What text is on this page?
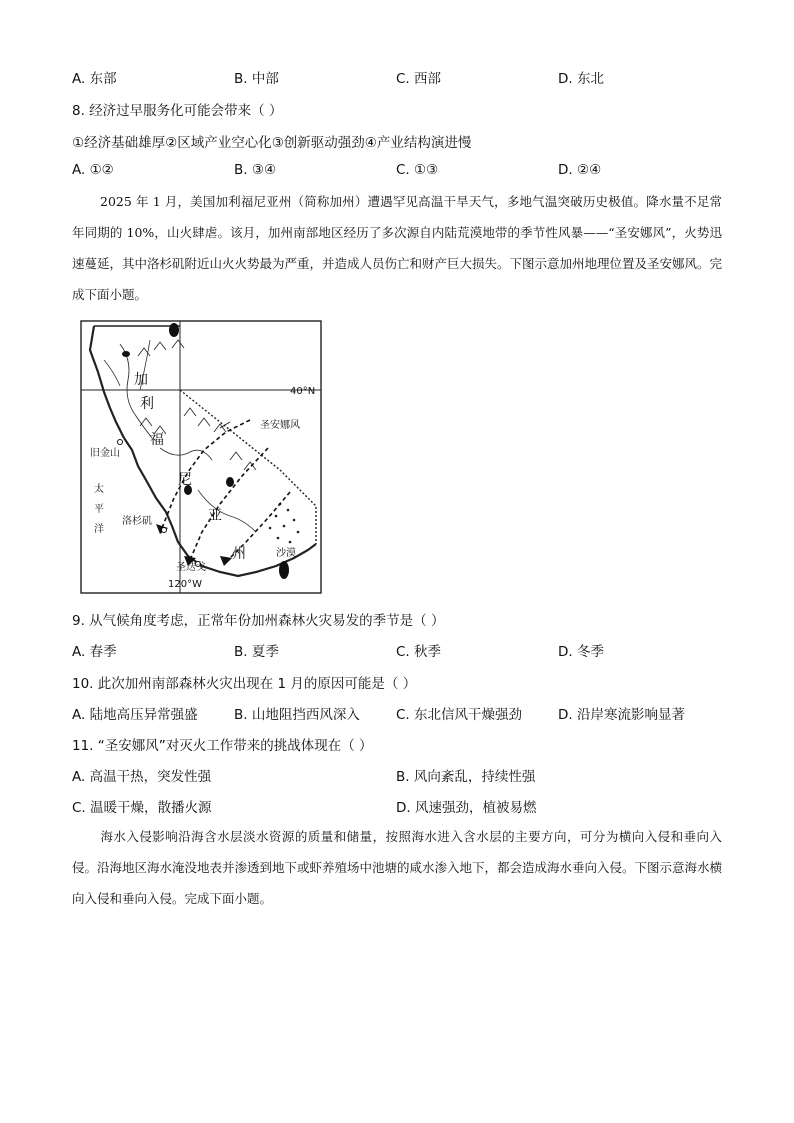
A. 东部	B. 中部	C. 西部	D. 东北
8. 经济过早服务化可能会带来（ ）
①经济基础雄厚②区域产业空心化③创新驱动强劲④产业结构演进慢
A. ①②	B. ③④	C. ①③	D. ②④
2025 年 1 月，美国加利福尼亚州（简称加州）遭遇罕见高温干旱天气，多地气温突破历史极值。降水量不足常年同期的 10%，山火肆虐。该月，加州南部地区经历了多次源自内陆荒漠地带的季节性风暴——“圣安娜风”，火势迅速蔓延，其中洛杉矶附近山火火势最为严重，并造成人员伤亡和财产巨大损失。下图示意加州地理位置及圣安娜风。完成下面小题。
40°N
120°W
圣安娜风
加
利
福
尼
亚
州
旧金山
太
平
洋
洛杉矶
圣迭戈
沙漠
9. 从气候角度考虑，正常年份加州森林火灾易发的季节是（ ）
A. 春季	B. 夏季	C. 秋季	D. 冬季
10. 此次加州南部森林火灾出现在 1 月的原因可能是（ ）
A. 陆地高压异常强盛	B. 山地阻挡西风深入	C. 东北信风干燥强劲	D. 沿岸寒流影响显著
11. “圣安娜风”对灭火工作带来的挑战体现在（ ）
A. 高温干热，突发性强	B. 风向紊乱，持续性强
C. 温暖干燥，散播火源	D. 风速强劲，植被易燃
海水入侵影响沿海含水层淡水资源的质量和储量，按照海水进入含水层的主要方向，可分为横向入侵和垂向入侵。沿海地区海水淹没地表并渗透到地下或虾养殖场中池塘的咸水渗入地下，都会造成海水垂向入侵。下图示意海水横向入侵和垂向入侵。完成下面小题。
